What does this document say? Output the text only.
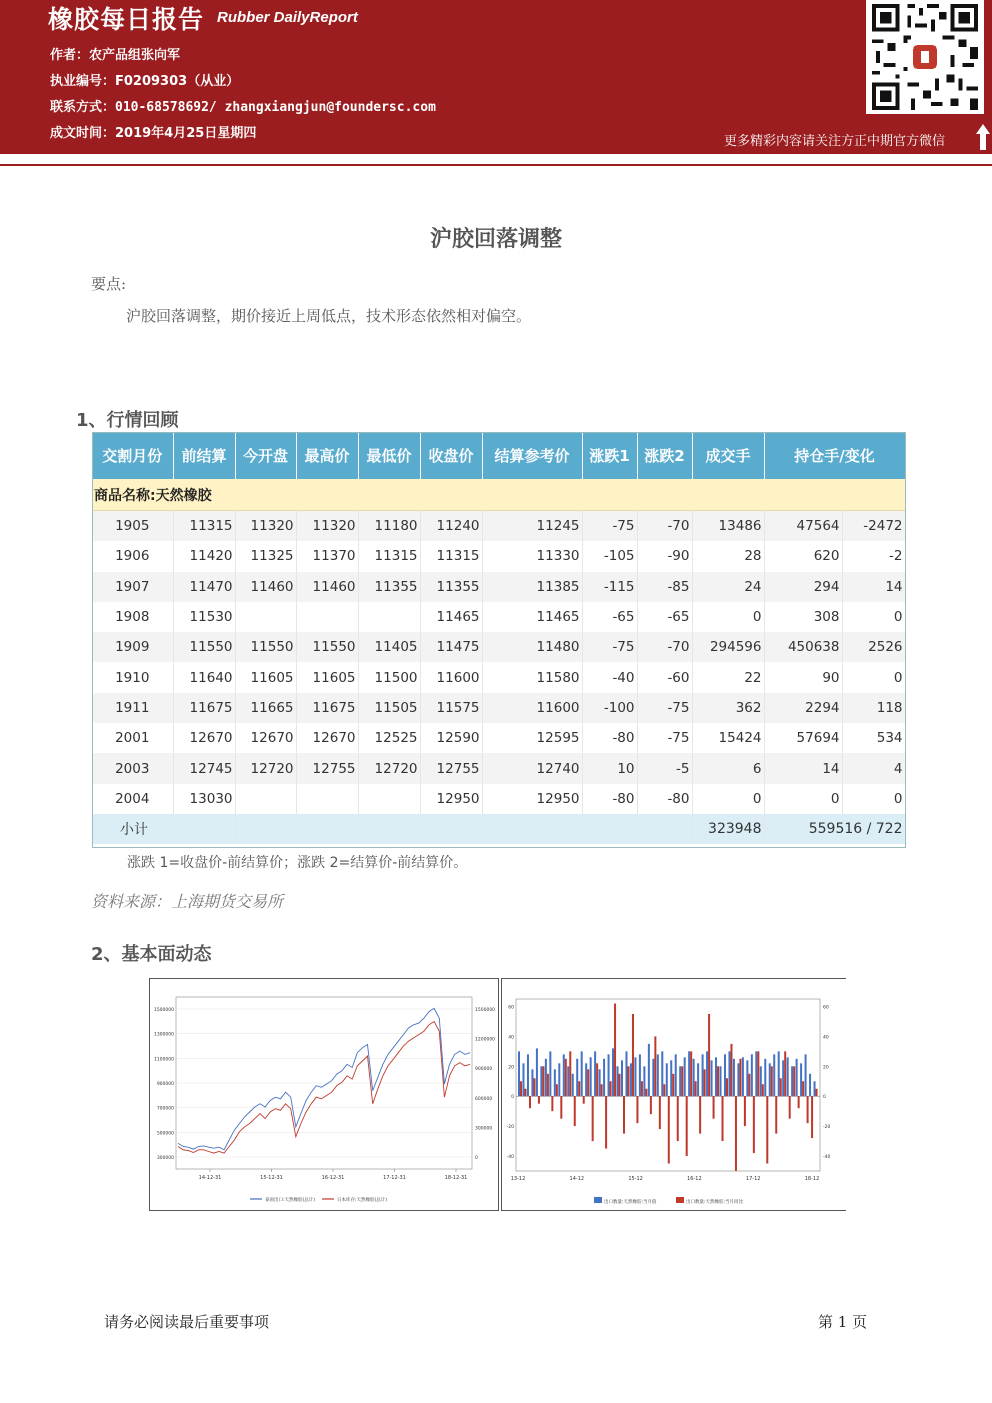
橡胶每日报告 Rubber DailyReport
作者：农产品组张向军
执业编号：F0209303（从业）
联系方式：010-68578692/ zhangxiangjun@foundersc.com
成文时间：2019年4月25日星期四
更多精彩内容请关注方正中期官方微信
沪胶回落调整
要点:
沪胶回落调整，期价接近上周低点，技术形态依然相对偏空。
1、行情回顾
交割月份	前结算	今开盘	最高价	最低价	收盘价	结算参考价	涨跌1	涨跌2	成交手	持仓手/变化	
商品名称:天然橡胶											
1905	11315	11320	11320	11180	11240	11245	-75	-70	13486	47564	-2472
1906	11420	11325	11370	11315	11315	11330	-105	-90	28	620	-2
1907	11470	11460	11460	11355	11355	11385	-115	-85	24	294	14
1908	11530				11465	11465	-65	-65	0	308	0
1909	11550	11550	11550	11405	11475	11480	-75	-70	294596	450638	2526
1910	11640	11605	11605	11500	11600	11580	-40	-60	22	90	0
1911	11675	11665	11675	11505	11575	11600	-100	-75	362	2294	118
2001	12670	12670	12670	12525	12590	12595	-80	-75	15424	57694	534
2003	12745	12720	12755	12720	12755	12740	10	-5	6	14	4
2004	13030				12950	12950	-80	-80	0	0	0
小计									323948	559516 / 722	
涨跌 1=收盘价-前结算价；涨跌 2=结算价-前结算价。
资料来源：上海期货交易所
2、基本面动态
1500000
1300000
1100000
900000
700000
500000
300000
1500000
1200000
900000
600000
300000
0
14-12-31	15-12-31	16-12-31	17-12-31	18-12-31
泰国出口:天然橡胶(总计)	日本库存:天然橡胶(总计)
60	60
40	40
20	20
0	0
-20	-20
-40	-40
13-12	14-12	15-12	16-12	17-12	18-12
出口数量:天然橡胶:当月值	出口数量:天然橡胶:当月同比
请务必阅读最后重要事项	第 1 页
